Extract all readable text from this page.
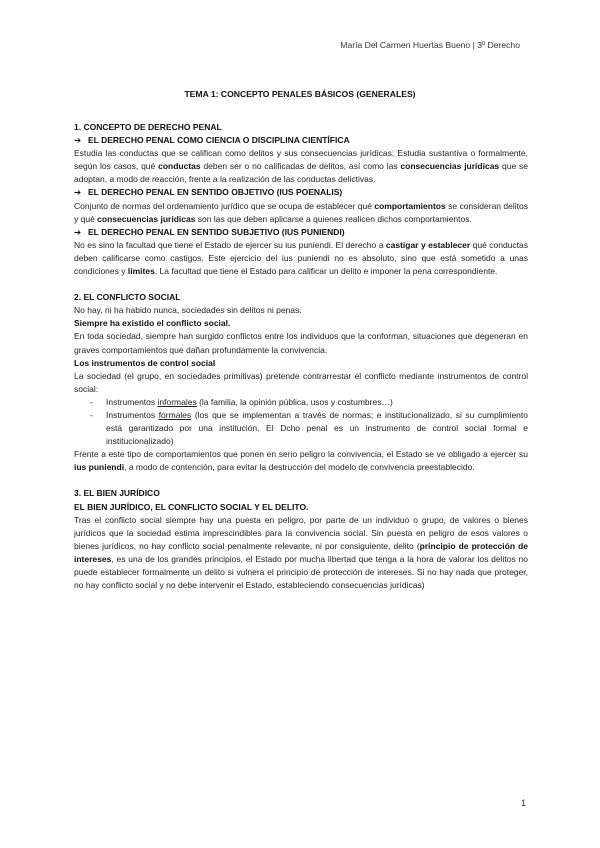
María Del Carmen Huertas Bueno | 3º Derecho
TEMA 1: CONCEPTO PENALES BÁSICOS (GENERALES)

1. CONCEPTO DE DERECHO PENAL

➔ EL DERECHO PENAL COMO CIENCIA O DISCIPLINA CIENTÍFICA

Estudia las conductas que se califican como delitos y sus consecuencias jurídicas; Estudia sustantiva o formalmente, según los casos, qué conductas deben ser o no calificadas de delitos, así como las consecuencias jurídicas que se adoptan, a modo de reacción, frente a la realización de las conductas delictivas.

➔ EL DERECHO PENAL EN SENTIDO OBJETIVO (IUS POENALIS)

Conjunto de normas del ordenamiento jurídico que se ocupa de establecer qué comportamientos se consideran delitos y qué consecuencias jurídicas son las que deben aplicarse a quienes realicen dichos comportamientos.

➔ EL DERECHO PENAL EN SENTIDO SUBJETIVO (IUS PUNIENDI)

No es sino la facultad que tiene el Estado de ejercer su ius puniendi. El derecho a castigar y establecer qué conductas deben calificarse como castigos. Este ejercicio del ius puniendi no es absoluto, sino que está sometido a unas condiciones y límites. La facultad que tiene el Estado para calificar un delito e imponer la pena correspondiente.

2. EL CONFLICTO SOCIAL

No hay, ni ha habido nunca, sociedades sin delitos ni penas.

Siempre ha existido el conflicto social.

En toda sociedad, siempre han surgido conflictos entre los individuos que la conforman, situaciones que degeneran en graves comportamientos que dañan profundamente la convivencia.

Los instrumentos de control social

La sociedad (el grupo, en sociedades primitivas) pretende contrarrestar el conflicto mediante instrumentos de control social:

- Instrumentos informales (la familia, la opinión pública, usos y costumbres…)
- Instrumentos formales (los que se implementan a través de normas; e institucionalizado, si su cumplimiento está garantizado por una institución. El Dcho penal es un instrumento de control social formal e institucionalizado)

Frente a este tipo de comportamientos que ponen en serio peligro la convivencia, el Estado se ve obligado a ejercer su ius puniendi, a modo de contención, para evitar la destrucción del modelo de convivencia preestablecido.

3. EL BIEN JURÍDICO

EL BIEN JURÍDICO, EL CONFLICTO SOCIAL Y EL DELITO.

Tras el conflicto social siempre hay una puesta en peligro, por parte de un individuo o grupo, de valores o bienes jurídicos que la sociedad estima imprescindibles para la convivencia social. Sin puesta en peligro de esos valores o bienes jurídicos, no hay conflicto social penalmente relevante, ni por consiguiente, delito (principio de protección de intereses, es una de los grandes principios, el Estado por mucha libertad que tenga a la hora de valorar los delitos no puede establecer formalmente un delito si vulnera el principio de protección de intereses. Si no hay nada que proteger, no hay conflicto social y no debe intervenir el Estado, estableciendo consecuencias jurídicas)

1
